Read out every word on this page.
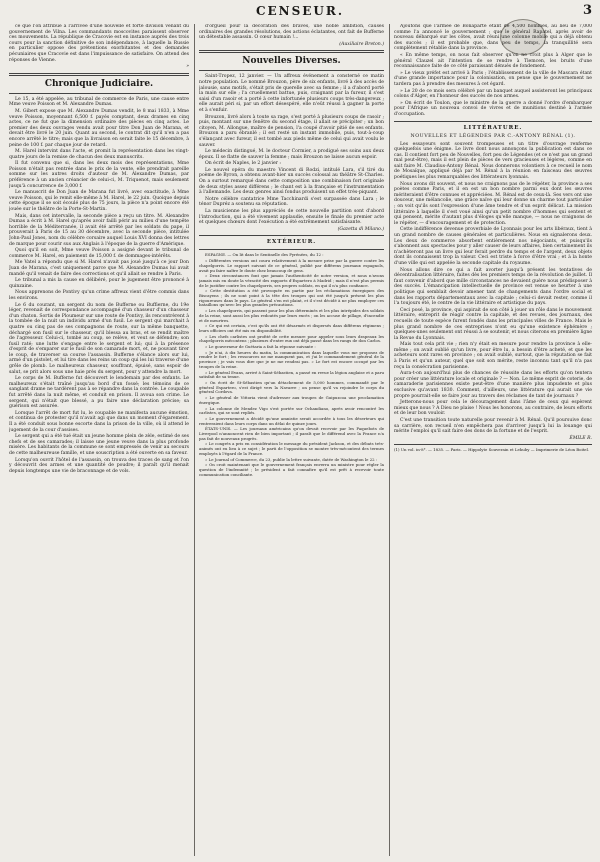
CENSEUR.	3

ce que l'on attribue à l'arrivée d'une nouvelle et forte division venant du gouvernement de Vilna. Les commandants moscovites paraissent observer ces mouvements. La république de Cracovie est en instance auprès des trois cours pour la sanction définitive de son indépendance, à laquelle la Russie en particulier oppose des prétentions exorbitantes et des demandes pécuniaires que Cracovie est dans l'impuissance de satisfaire. On attend des réponses de Vienne.

»
Chronique Judiciaire.

Le 15, a été appelée, au tribunal de commerce de Paris, une cause entre Mme veuve Poisson et M. Alexandre Dumas.

M. Gibert expose que M. Alexandre Dumas vendit, le 8 mai 1833, à Mme veuve Poisson, moyennant 6,500 f. payés comptant, deux drames en cinq actes, ce ne fut que la dimension ordinaire des pièces en cinq actes. Le premier des deux ouvrages vendu avait pour titre Don Juan de Marana, et devait être livré le 20 juin. Quant au second, le contrat dit qu'il n'en a pas encore arrêté le titre; mais que la livraison en serait faite le 15 décembre, à peine de 100 f. par chaque jour de retard.

M. Harel intervint dans l'acte, et promit la représentation dans les vingt-quatre jours de la remise de chacun des deux manuscrits.

Il fut convenu que si, dans les deux mois des représentations, Mme Poisson n'était pas rentrée dans le prix de la vente, elle prendrait pareille somme sur les autres droits d'auteur de M. Alexandre Dumas, par préférence à un ancien créancier de celui-ci, M. Triquenot, mais seulement jusqu'à concurrence de 3,000 f.

Le manuscrit de Don Juan de Marana fut livré, avec exactitude, à Mme veuve Poisson, qui le remit elle-même à M. Harel, le 22 juin. Quoique depuis cette époque il se soit écoulé plus de 75 jours, la pièce n'a point encore été jouée sur le théâtre de la Porte-St-Martin.

Mais, dans cet intervalle, la seconde pièce a reçu un titre. M. Alexandre Dumas a écrit à M. Harel qu'après avoir failli périr au milieu d'une tempête horrible de la Méditerranée, il avait été arrêté par les soldats du pape, il prouverait à Paris de 15 au 30 décembre, avec la seconde pièce, intitulée John-Paul Jones, nom du célèbre corsaire auquel Louis XVI donna des lettres de marque pour courir sus aux Anglais à l'époque de la guerre d'Amérique.

Quoi qu'il en soit, Mme veuve Poisson a assigné devant le tribunal de commerce M. Harel, en paiement de 15,000 f. de dommages-intérêts.

Me Vatel a répondu que si M. Harel n'avait pas joué jusqu'à ce jour Don Juan de Marana, c'est uniquement parce que M. Alexandre Dumas lui avait mandé qu'il venait de faire des corrections et qu'il allait se rendre à Paris.

Le tribunal a mis la cause en délibéré, pour le jugement être prononcé à quinzaine.

Nous apprenons de Pontivy qu'un crime affreux vient d'être commis dans les environs.

Le 6 du courant, un sergent du nom de Bufferne ou Buffierne, du 19e léger, revenait de correspondance accompagné d'un chasseur d'un chasseur d'un chaton. Sortis de Ploumeur sur une route de Pontivy, ils rencontrèrent à la tombée de la nuit un individu armé d'un fusil. Le sergent qui marchait à quatre ou cinq pas de ses compagnons de route, sur la même banquette, déchargé son fusil sur le chasseur, qu'il blessa au bras, et se rendit maître de l'agresseur. Celui-ci, tombé au coup, se relève, et veut se défendre; son fusil raté; une lutte s'engage entre le sergent et lui; qui à la présence d'esprit de s'emparer sur le fusil de son camarade mort, et, ne pouvant tirer le coup, de traverser sa course l'assassin. Bufferne s'élance alors sur lui, armé d'un pistolet, et lui tire dans les reins un coup qui les lui traverse d'une grêle de plomb. Le malheureux chasseur, souffrant, épuisé, sans espoir de salut, se prit alors sous une haie près du sergent, pour y attendre la mort.

Le corps de M. Bufferne fut découvert le lendemain par des enfants. Le malheureux s'était traîné jusqu'au bord d'un fossé; les témoins de ce sanglant drame ne tardèrent pas à se répandre dans la contrée. Le coupable fut arrêté dans la nuit même, et conduit en prison. Il avoua son crime. Le sergent, qui n'était que blessé, a pu faire une déclaration précise; sa guérison est assurée.

Lorsque l'arrêt de mort fut lu, le coupable ne manifesta aucune émotion, et continua de protester qu'il n'avait agi que dans un moment d'égarement. Il a été conduit sous bonne escorte dans la prison de la ville, où il attend le jugement de la cour d'assises.

Le sergent qui a été tué était un jeune homme plein de zèle, estimé de ses chefs et de ses camarades; il laisse une jeune veuve dans la plus profonde misère. Les habitants de la commune se sont empressés de venir au secours de cette malheureuse famille, et une souscription a été ouverte en sa faveur.

Lorsqu'on ouvrit l'hôtel de l'assassin, on trouva des traces de sang et l'on y découvrit des armes et une quantité de poudre; il paraît qu'il menait depuis longtemps une vie de braconnage et de vols.

d'orgueil pour la décoration des braves, une noble ambition, causes ordinaires des grandes résolutions, des actions éclatantes, ont fait de Bufferne un détestable assassin. O cœur humain !...

(Auxiliaire Breton.)
Nouvelles Diverses.

Saint-Tropez, 12 janvier. — Un affreux événement a consterné ce matin notre population. Le nommé Brouzon, père de six enfants, livré à des accès de jalousie, sans motifs, s'était pris de querelle avec sa femme ; il a d'abord porté la main sur elle ; l'a cruellement battue, puis, craignant par la fureur, il s'est saisi d'un rasoir et a porté à cette infortunée plusieurs coups très-dangereux ; elle aurait péri si, par un effort désespéré, elle n'eût réussi à gagner la porte et à s'enfuir.

Brouzon, livré alors à toute sa rage, s'est porté à plusieurs coups de rasoir ; puis, montant sur une fenêtre du second étage, il allait se précipiter ; un bon citoyen, M. Allongue, maître de pension, l'a coupé d'avoir pitié de ses enfants. Brouzon a paru ébranlé ; il est resté un instant immobile, puis, tout-à-coup s'élançant avec fureur, il est tombé aux pieds même de celui qui avait voulu le sauver.

Le médecin distingué, M. le docteur Cormier, a prodigué ses soins aux deux époux. Il se flatte de sauver la femme ; mais Brouzon ne laisse aucun espoir.

On écrit de Naples, le 2 janvier :

Le nouvel opéra du maestro Vincent di Rodzi, intitulé Lara, s'il tiré du poème de Byron, a obtenu avant-hier un succès colossal au théâtre St-Charles. On a surtout remarqué dans cette composition une combinaison fort originale de deux styles assez différens ; le chant est à la française et l'instrumentation à l'allemande. Les deux genres ainsi fondus produisent un effet très-piquant.

Notre célèbre cantatrice Mme Tacchinardi s'est surpassée dans Lara ; le ténor Dupréz a soutenu sa réputation.

La musicienne les plus appréciés de cette nouvelle partition sont d'abord l'introduction, qui a été vivement applaudie, ensuite le finale du premier acte et quelques chœurs dont l'exécution a été extrêmement satisfaisante.

(Gazetta di Milano.)
EXTÉRIEUR.

ESPAGNE. — On lit dans le Sentinelle des Pyrénées, du 12 :

« Différentes versions ont couru relativement à la mesure prise par la guerre contre les chapelgorris. Le rapport suivant de ce général, publié par différens journaux espagnols, avait pu faire naître le doute chez beaucoup de gens.

» Deux circonstances font que jamais l'authenticité de notre version, et nous n'avons jamais mis en doute la véracité des rapports d'Espartero à Madrid ; mais il n'est plus permis de le justifier contre les chapelgorris, ses propres soldats, en qui il n'a plus confiance.

» Cette destitution a été provoquée en partie par les réclamations énergiques des Biscayens ; ils ne sont point à la tête des troupes qui ont été jusqu'à présent les plus rigoureuses dans le pays. Le général s'en est plaint, et il s'est décidé à ne plus employer ces bataillons qu'avec les plus grandes précautions.

» Les chapelgorris, qui passent pour les plus déterminés et les plus intrépides des soldats de la reine, sont aussi les plus redoutés par leurs excès ; on les accuse de pillage, d'incendie et de meurtres.

» Ce qui est certain, c'est qu'ils ont été désarmés et dispersés dans différens régimens ; leurs officiers ont été mis en disponibilité.

» Les chefs carlistes ont profité de cette mesure pour appeler sous leurs drapeaux les chapelgorris mécontens ; plusieurs d'entre eux ont déjà passé dans les rangs de don Carlos.

» Le gouverneur de Guétaria a fait la réponse suivante :

« Je n'ai, à dix heures du matin, la communication dans laquelle vous me proposez de rendre le fort ; les ressources ne me manquent pas, et j'ai le commandement général de la province ; je vais vous dire que je ne me rendrai pas. » Le fort est encore occupé par les troupes de la reine.

» Le général Evans, arrivé à Saint-Sébastien, a passé en revue la légion anglaise et a paru satisfait de sa tenue.

» On écrit de St-Sébastien qu'un détachement de 5,000 hommes, commandé par le général Espartero, s'est dirigé vers la Navarre ; on pense qu'il va rejoindre le corps du général Cordova.

» Le général de Vittoria vient d'adresser aux troupes de Guipuzcoa une proclamation énergique.

» La colonne de Mendez Vigo s'est portée sur Ochandiano, après avoir rencontré les carlistes, qui se sont repliés.

» Le gouvernement a décidé qu'une amnistie serait accordée à tous les déserteurs qui rentreraient dans leurs corps dans un délai de quinze jours.

ÉTATS-UNIS. — Les journaux américains qu'on devait recevoir par les Paquebots de Liverpool n'annoncent rien de bien important ; il paraît que le différend avec la France n'a pas fait de nouveaux progrès.

» Le congrès a pris en considération le message du président Jackson, et des débats très-animés ont eu lieu à ce sujet ; le parti de l'opposition se montre très-mécontent des termes employés à l'égard de la France.

» Le Journal of Commerce, du 23, publie la lettre suivante, datée de Washington le 22 :

» On croit maintenant que le gouvernement français enverra un ministre pour régler la question de l'indemnité ; le président a fait connaître qu'il est prêt à recevoir toute communication conciliante.

Ajoutons que l'armée de Bonaparte étant de 4,500 hommes, au lieu de 7,000 comme l'a annoncé le gouvernement ; que le général Rapatel, après avoir de nouveau débarqué sur les côtes, avait réuni une colonne mobile qui a déjà obtenu des succès ; il est probable que, dans peu de temps, la tranquillité sera complètement rétablie dans la province.

« En même temps, on nous fait observer qu'on ne croit plus à Alger que le général Clauzel ait l'intention de se rendre à Tlemcen, les bruits d'une reconnaissance faite de ce côté paraissant dénués de fondement.

» Le vieux préfet est arrivé à Paris ; l'établissement de la ville de Mascara étant d'une grande importance pour la colonisation, on pense que le gouvernement ne tardera pas à prendre des mesures à cet égard.

» Le 20 de ce mois sera célébré par un banquet auquel assisteront les principaux colons d'Alger, en l'honneur des succès de nos armes.

» On écrit de Toulon, que le ministre de la guerre a donné l'ordre d'embarquer pour l'Afrique un nouveau convoi de vivres et de munitions destiné à l'armée d'occupation.

LITTÉRATURE.
NOUVELLES ET LÉGENDES PAR C.-ANTONY RÉNAL (1).

Les essayeurs sont souvent trompeuses et un titre d'ouvrage renferme quelquefois une énigme. Le livre dont nous annonçons la publication est dans ce cas. Il contient fort peu de Nouvelles, fort peu de Légendes (et ce n'est pas un grand mal peut-être), mais il est plein de pièces de vers gracieuses et légères, comme en sait faire M. Claudius-Antony Rénal. Nous donnerons volontiers à ce recueil le nom de Mosaïque, appliqué déjà par M. Rénal à la réunion en faisceau des œuvres poétiques les plus remarquables des littérateurs lyonnais.

Nous avons dit souvent, et nous ne craignons pas de le répéter, la province a ses poètes comme Paris, et il en est un bon nombre parmi eux dont les œuvres mériteraient d'être connues et appréciées. M. Rénal est de ceux-là. Ses vers ont une douceur, une mélancolie, une grâce naïve qui leur donne un charme tout particulier ; on voit qu'ils sont l'expression d'une âme tendre et d'un esprit délicat. La mission littéraire à laquelle il s'est voué ainsi qu'un petit nombre d'hommes qui sentent et qui pensent, mérite d'autant plus d'éloges qu'elle manque, — nous ne craignons de le répéter, — d'encouragement et de protection.

Cette indifférence devenue proverbiale de Lyonnais pour les arts libéraux, tient à un grand nombre de causes générales et particulières. Nous en signalerons deux. Les deux de commerce absorbent entièrement nos négociants, et puisqu'ils s'abonnent aux spectacles pour y aller causer de leurs affaires, bien certainement ils n'achèteront pas un livre qui leur ferait perdre du temps et de l'argent, deux objets dont ils connaissent trop la valeur. Ceci est triste à force d'être vrai ; et à la honte d'une ville qui est appelée la seconde capitale du royaume.

Nous allons dire ce qui a fait avorter jusqu'à présent les tentatives de décentralisation littéraire, faites dès les premiers temps de la révolution de juillet. Il faut convenir d'abord que mille circonstances ne devaient guère nous prédisposer à des succès. L'émancipation intellectuelle de province est venue se heurter à une politique qui semblait devoir amener tant de changements dans l'ordre social et dans les rapports départementaux avec la capitale ; celui-ci devait rester, comme il l'a toujours été, le centre de la vie littéraire et artistique du pays.

Ceci posé, la province, qui aspirait de son côté à jouer un rôle dans le mouvement littéraire, entreprit de réagir contre la capitale, et des revues, des journaux, des recueils de toute espèce furent fondés dans les principales villes de France. Mais le plus grand nombre de ces entreprises n'ont eu qu'une existence éphémère ; quelques-unes seulement ont réussi à se soutenir, et nous citerons en première ligne la Revue du Lyonnais.

Mais tout cela prit vie ; rien n'y était en mesure pour rendre la province à elle-même ; on avait oublié qu'un livre, pour être lu, a besoin d'être acheté, et que les acheteurs sont rares en province ; on avait oublié, surtout, que la réputation se fait à Paris et qu'un auteur, quel que soit son mérite, reste inconnu tant qu'il n'a pas reçu la consécration parisienne.

Aura-t-on aujourd'hui plus de chances de réussite dans les efforts qu'on tentera pour créer une littérature locale et originale ? — Non. Le même esprit de coterie, de camaraderie parisiennes existe peut-être d'une manière plus impudente et plus exclusive qu'avant 1830. Comment, d'ailleurs, une littérature qui aurait une vie propre pourrait-elle se faire jour au travers des réclames de tant de journaux ?

Jetterons-nous pour cela le découragement dans l'âme de ceux qui espèrent mieux que nous ? A Dieu ne plaise ! Nous les honorons, au contraire, de leurs efforts et de leur bon vouloir.

C'est une transition toute naturelle pour revenir à M. Rénal. Qu'il poursuive donc sa carrière, son recueil n'en empêchera pas d'arriver jusqu'à lui la louange qui mérite l'emploi qu'il sait faire des dons de la fortune et de l'esprit.

ÉMILE R.

(1) Un vol. in-8°. — 1835. — Paris. — Hippolyte Souverain et Lehuby — Imprimerie de Léon Boitel.
